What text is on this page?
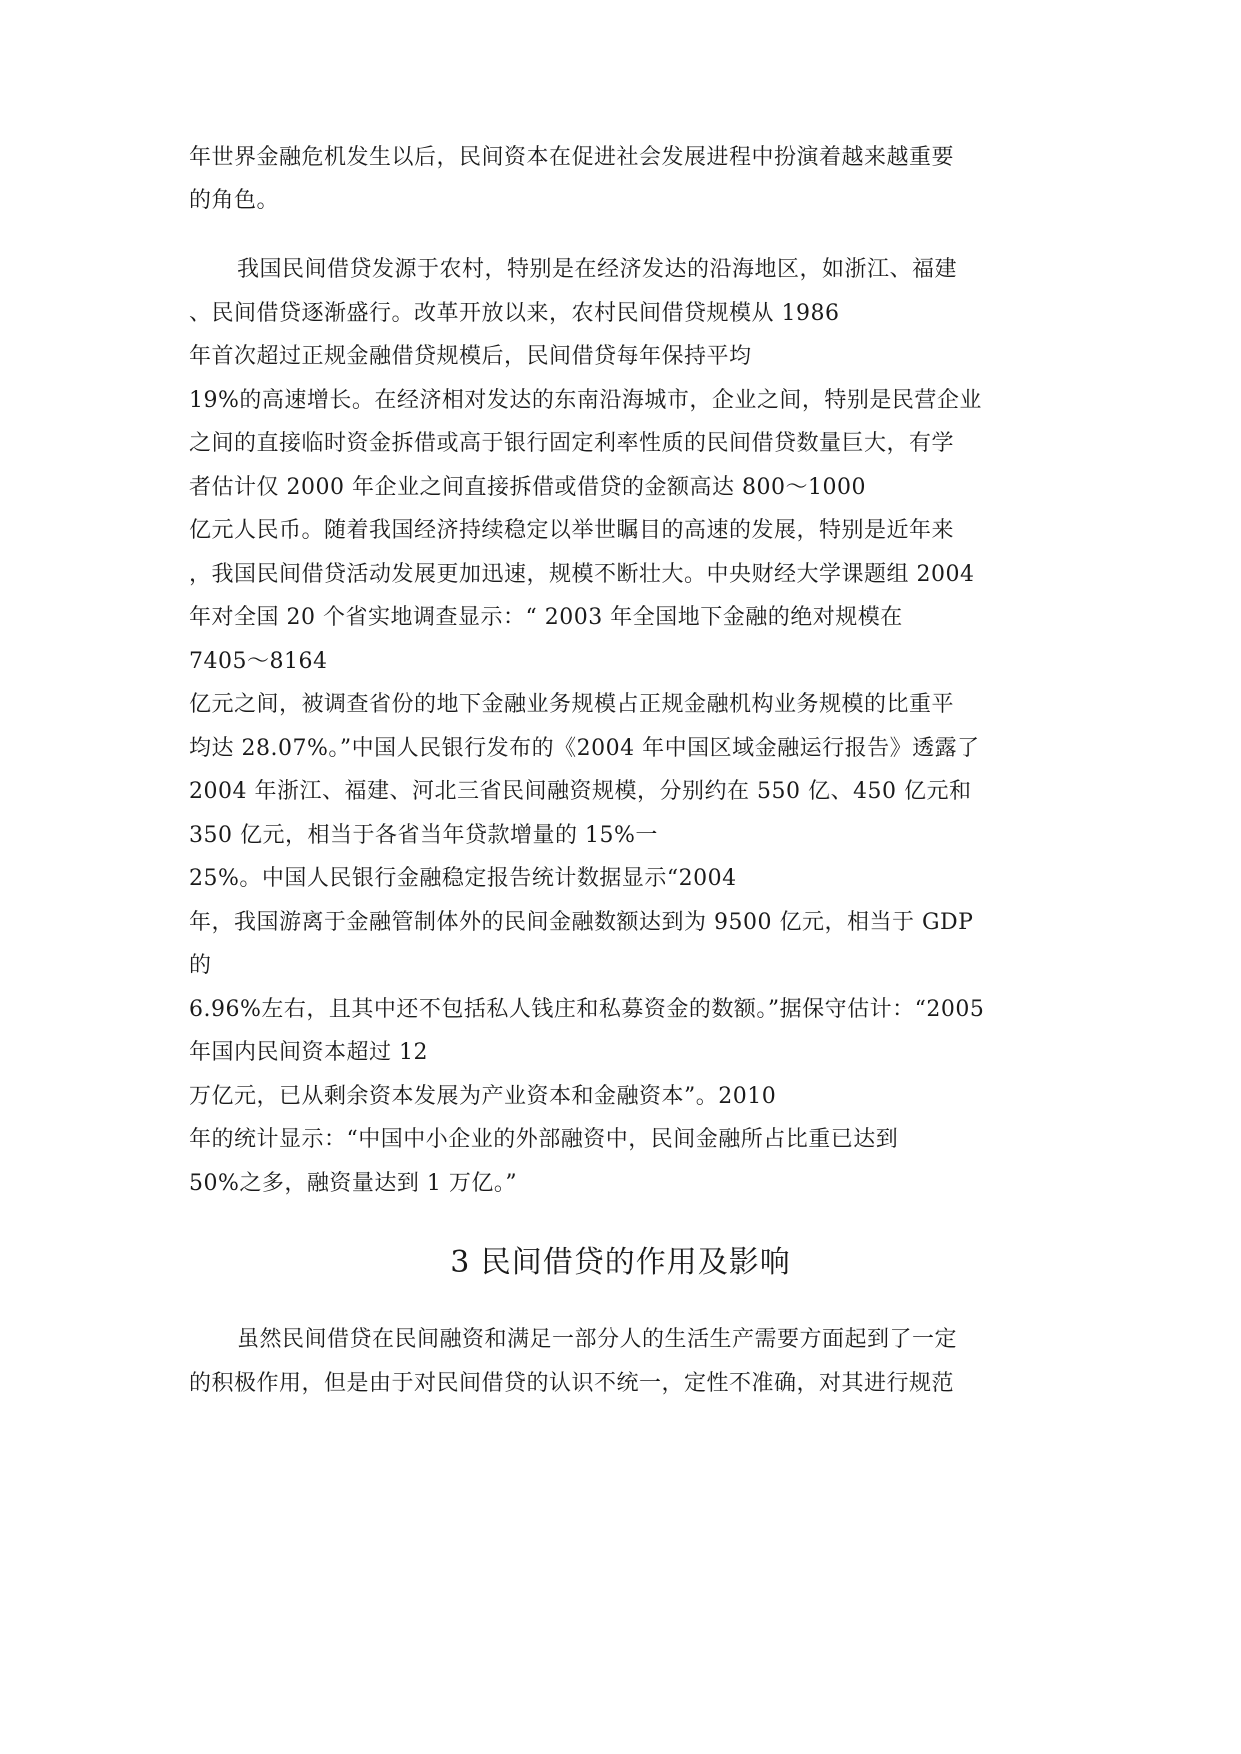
年世界金融危机发生以后，民间资本在促进社会发展进程中扮演着越来越重要
的角色。
我国民间借贷发源于农村，特别是在经济发达的沿海地区，如浙江、福建
、民间借贷逐渐盛行。改革开放以来，农村民间借贷规模从 1986
年首次超过正规金融借贷规模后，民间借贷每年保持平均
19%的高速增长。在经济相对发达的东南沿海城市，企业之间，特别是民营企业
之间的直接临时资金拆借或高于银行固定利率性质的民间借贷数量巨大，有学
者估计仅 2000 年企业之间直接拆借或借贷的金额高达 800～1000
亿元人民币。随着我国经济持续稳定以举世瞩目的高速的发展，特别是近年来
，我国民间借贷活动发展更加迅速，规模不断壮大。中央财经大学课题组 2004
年对全国 20 个省实地调查显示：“ 2003 年全国地下金融的绝对规模在
7405～8164
亿元之间，被调查省份的地下金融业务规模占正规金融机构业务规模的比重平
均达 28.07%。”中国人民银行发布的《2004 年中国区域金融运行报告》透露了
2004 年浙江、福建、河北三省民间融资规模，分别约在 550 亿、450 亿元和
350 亿元，相当于各省当年贷款增量的 15%一
25%。中国人民银行金融稳定报告统计数据显示“2004
年，我国游离于金融管制体外的民间金融数额达到为 9500 亿元，相当于 GDP
的
6.96%左右，且其中还不包括私人钱庄和私募资金的数额。”据保守估计：“2005
年国内民间资本超过 12
万亿元，已从剩余资本发展为产业资本和金融资本”。2010
年的统计显示：“中国中小企业的外部融资中，民间金融所占比重已达到
50%之多，融资量达到 1 万亿。”
3 民间借贷的作用及影响
虽然民间借贷在民间融资和满足一部分人的生活生产需要方面起到了一定
的积极作用，但是由于对民间借贷的认识不统一，定性不准确，对其进行规范
